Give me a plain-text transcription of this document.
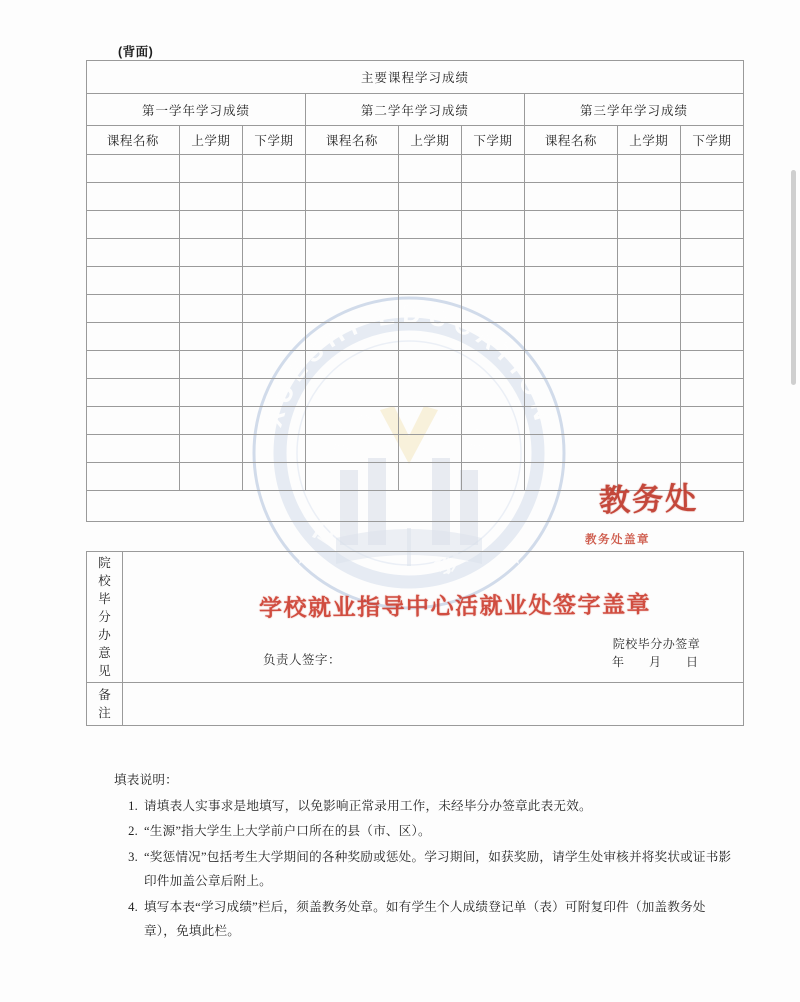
XUESHI EDUCATION
仕 教
(背面)
主要课程学习成绩								
第一学年学习成绩			第二学年学习成绩			第三学年学习成绩		
课程名称	上学期	下学期	课程名称	上学期	下学期	课程名称	上学期	下学期

院
校
毕
分
办
意
见

负责人签字：
院校毕分办签章
年 月 日

备
注	

教务处
教务处盖章
学校就业指导中心活就业处签字盖章
填表说明：
请填表人实事求是地填写，以免影响正常录用工作，未经毕分办签章此表无效。
“生源”指大学生上大学前户口所在的县（市、区）。
“奖惩情况”包括考生大学期间的各种奖励或惩处。学习期间，如获奖励，请学生处审核并将奖状或证书影印件加盖公章后附上。
填写本表“学习成绩”栏后，须盖教务处章。如有学生个人成绩登记单（表）可附复印件（加盖教务处章），免填此栏。
